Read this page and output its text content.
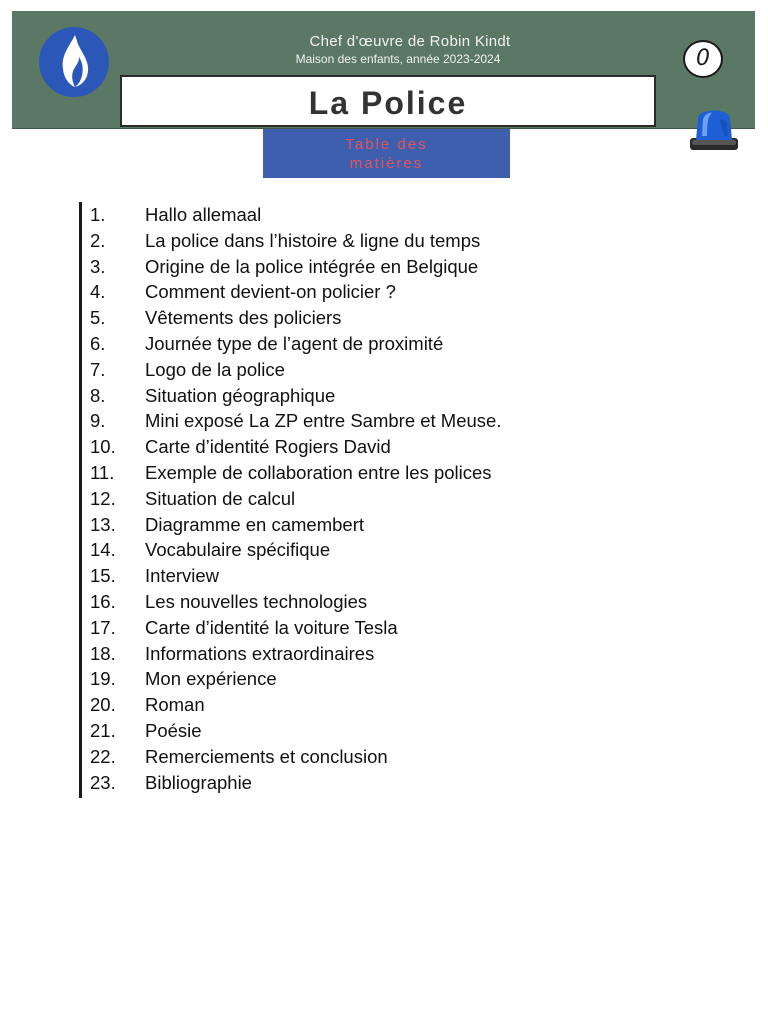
Chef d'œuvre de Robin Kindt
Maison des enfants, année 2023-2024
La Police
0
Table des
matières
1. Hallo allemaal
2. La police dans l’histoire & ligne du temps
3. Origine de la police intégrée en Belgique
4. Comment devient-on policier ?
5. Vêtements des policiers
6. Journée type de l’agent de proximité
7. Logo de la police
8. Situation géographique
9. Mini exposé La ZP entre Sambre et Meuse.
10. Carte d’identité Rogiers David
11. Exemple de collaboration entre les polices
12. Situation de calcul
13. Diagramme en camembert
14. Vocabulaire spécifique
15. Interview
16. Les nouvelles technologies
17. Carte d’identité la voiture Tesla
18. Informations extraordinaires
19. Mon expérience
20. Roman
21. Poésie
22. Remerciements et conclusion
23. Bibliographie
